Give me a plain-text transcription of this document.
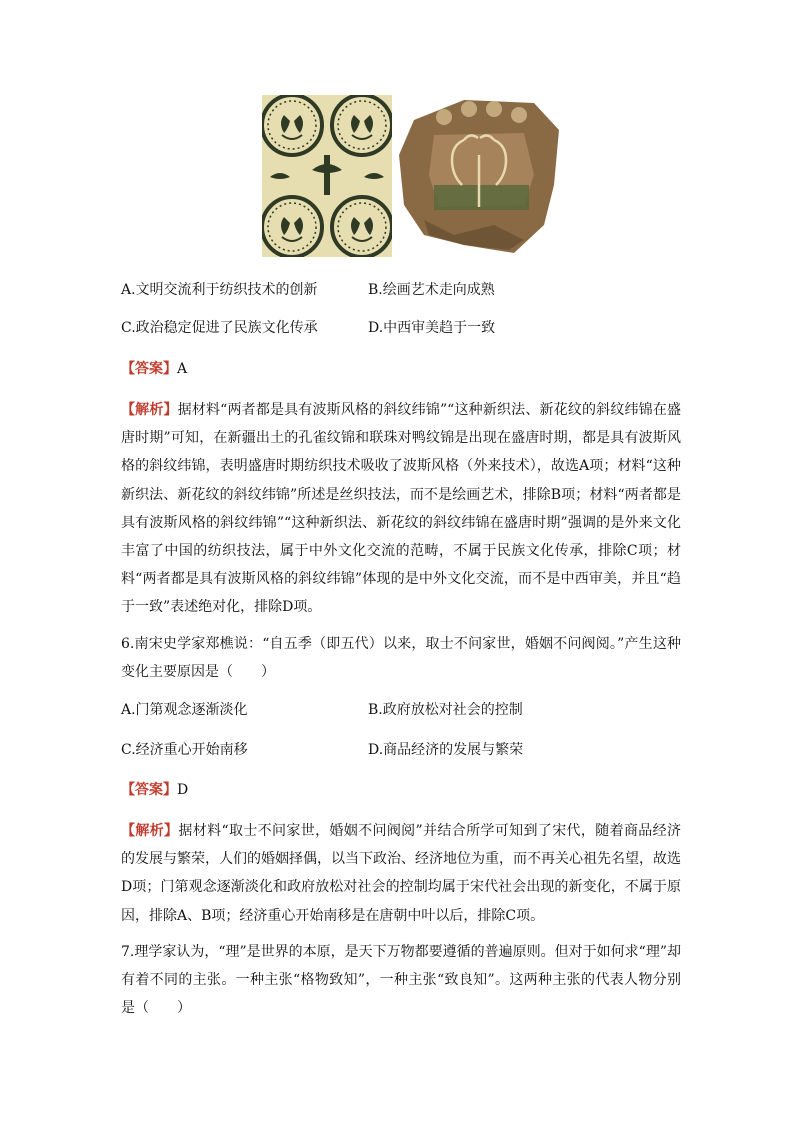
A.文明交流利于纺织技术的创新	B.绘画艺术走向成熟
C.政治稳定促进了民族文化传承	D.中西审美趋于一致
【答案】A
【解析】据材料“两者都是具有波斯风格的斜纹纬锦”“这种新织法、新花纹的斜纹纬锦在盛唐时期”可知，在新疆出土的孔雀纹锦和联珠对鸭纹锦是出现在盛唐时期，都是具有波斯风格的斜纹纬锦，表明盛唐时期纺织技术吸收了波斯风格（外来技术），故选A项；材料“这种新织法、新花纹的斜纹纬锦”所述是丝织技法，而不是绘画艺术，排除B项；材料“两者都是具有波斯风格的斜纹纬锦”“这种新织法、新花纹的斜纹纬锦在盛唐时期”强调的是外来文化丰富了中国的纺织技法，属于中外文化交流的范畴，不属于民族文化传承，排除C项；材料“两者都是具有波斯风格的斜纹纬锦”体现的是中外文化交流，而不是中西审美，并且“趋于一致”表述绝对化，排除D项。
6.南宋史学家郑樵说：“自五季（即五代）以来，取士不问家世，婚姻不问阀阅。”产生这种变化主要原因是（　　）
A.门第观念逐渐淡化	B.政府放松对社会的控制
C.经济重心开始南移	D.商品经济的发展与繁荣
【答案】D
【解析】据材料“取士不问家世，婚姻不问阀阅”并结合所学可知到了宋代，随着商品经济的发展与繁荣，人们的婚姻择偶，以当下政治、经济地位为重，而不再关心祖先名望，故选D项；门第观念逐渐淡化和政府放松对社会的控制均属于宋代社会出现的新变化，不属于原因，排除A、B项；经济重心开始南移是在唐朝中叶以后，排除C项。
7.理学家认为，“理”是世界的本原，是天下万物都要遵循的普遍原则。但对于如何求“理”却有着不同的主张。一种主张“格物致知”，一种主张“致良知”。这两种主张的代表人物分别是（　　）
